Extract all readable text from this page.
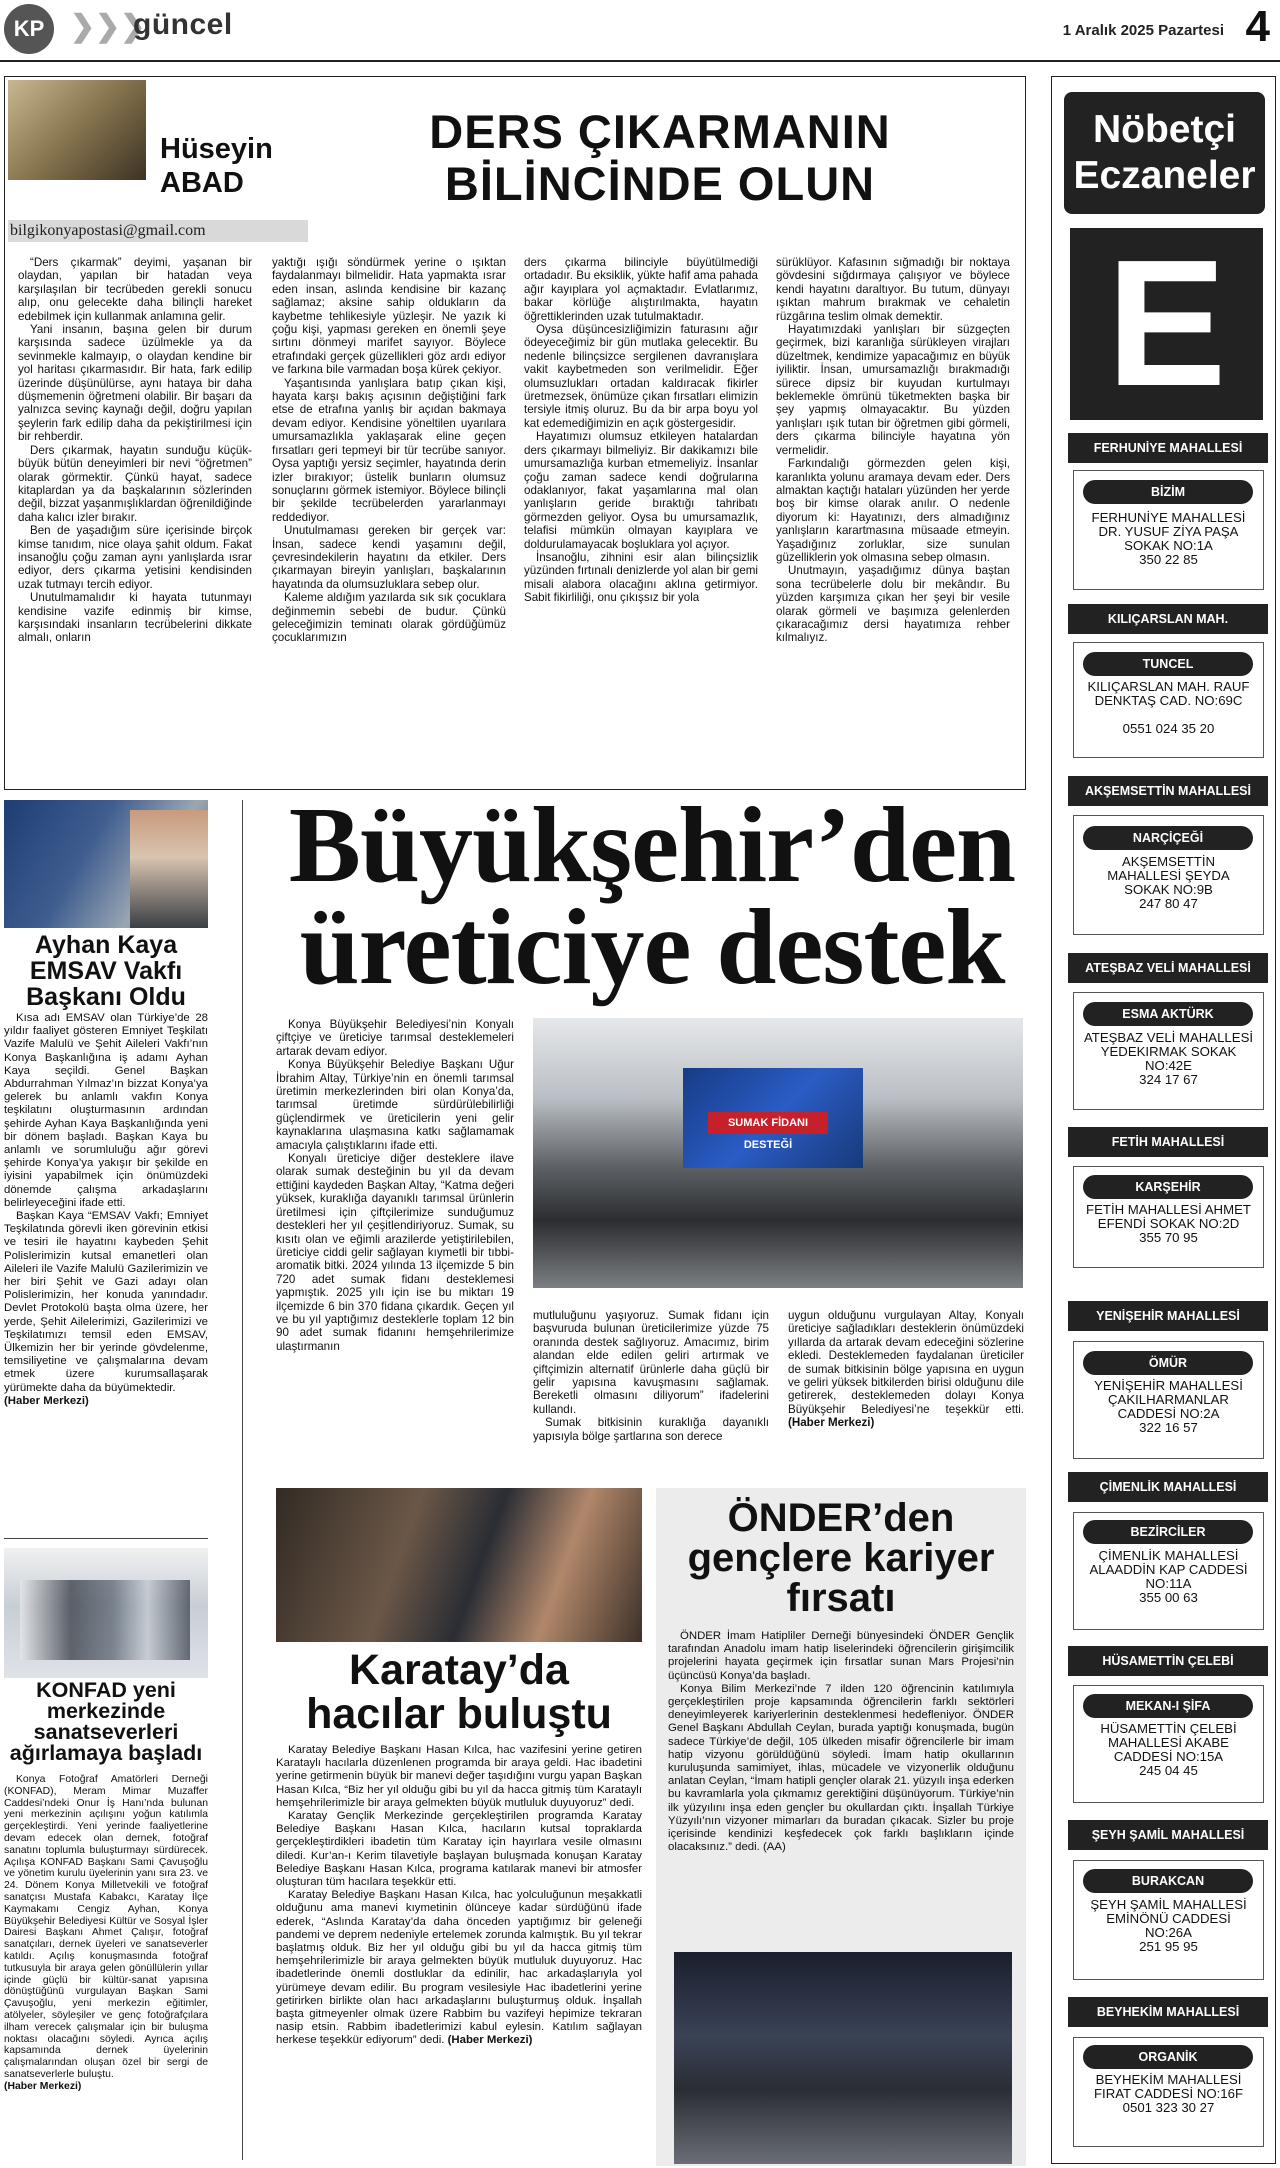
KP ❯❯❯
güncel	1 Aralık 2025 Pazartesi 4
Hüseyin
ABAD
bilgikonyapostasi@gmail.com
DERS ÇIKARMANIN
BİLİNCİNDE OLUN

“Ders çıkarmak” deyimi, yaşanan bir olaydan, yapılan bir hatadan veya karşılaşılan bir tecrübeden gerekli sonucu alıp, onu gelecekte daha bilinçli hareket edebilmek için kullanmak anlamına gelir.

Yani insanın, başına gelen bir durum karşısında sadece üzülmekle ya da sevinmekle kalmayıp, o olaydan kendine bir yol haritası çıkarmasıdır. Bir hata, fark edilip üzerinde düşünülürse, aynı hataya bir daha düşmemenin öğretmeni olabilir. Bir başarı da yalnızca sevinç kaynağı değil, doğru yapılan şeylerin fark edilip daha da pekiştirilmesi için bir rehberdir.

Ders çıkarmak, hayatın sunduğu küçük-büyük bütün deneyimleri bir nevi “öğretmen” olarak görmektir. Çünkü hayat, sadece kitaplardan ya da başkalarının sözlerinden değil, bizzat yaşanmışlıklardan öğrenildiğinde daha kalıcı izler bırakır.

Ben de yaşadığım süre içerisinde birçok kimse tanıdım, nice olaya şahit oldum. Fakat insanoğlu çoğu zaman aynı yanlışlarda ısrar ediyor, ders çıkarma yetisini kendisinden uzak tutmayı tercih ediyor.

Unutulmamalıdır ki hayata tutunmayı kendisine vazife edinmiş bir kimse, karşısındaki insanların tecrübelerini dikkate almalı, onların

yaktığı ışığı söndürmek yerine o ışıktan faydalanmayı bilmelidir. Hata yapmakta ısrar eden insan, aslında kendisine bir kazanç sağlamaz; aksine sahip oldukların da kaybetme tehlikesiyle yüzleşir. Ne yazık ki çoğu kişi, yapması gereken en önemli şeye sırtını dönmeyi marifet sayıyor. Böylece etrafındaki gerçek güzellikleri göz ardı ediyor ve farkına bile varmadan boşa kürek çekiyor.

Yaşantısında yanlışlara batıp çıkan kişi, hayata karşı bakış açısının değiştiğini fark etse de etrafına yanlış bir açıdan bakmaya devam ediyor. Kendisine yöneltilen uyarılara umursamazlıkla yaklaşarak eline geçen fırsatları geri tepmeyi bir tür tecrübe sanıyor. Oysa yaptığı yersiz seçimler, hayatında derin izler bırakıyor; üstelik bunların olumsuz sonuçlarını görmek istemiyor. Böylece bilinçli bir şekilde tecrübelerden yararlanmayı reddediyor.

Unutulmaması gereken bir gerçek var: İnsan, sadece kendi yaşamını değil, çevresindekilerin hayatını da etkiler. Ders çıkarmayan bireyin yanlışları, başkalarının hayatında da olumsuzluklara sebep olur.

Kaleme aldığım yazılarda sık sık çocuklara değinmemin sebebi de budur. Çünkü geleceğimizin teminatı olarak gördüğümüz çocuklarımızın

ders çıkarma bilinciyle büyütülmediği ortadadır. Bu eksiklik, yükte hafif ama pahada ağır kayıplara yol açmaktadır. Evlatlarımız, bakar körlüğe alıştırılmakta, hayatın öğrettiklerinden uzak tutulmaktadır.

Oysa düşüncesizliğimizin faturasını ağır ödeyeceğimiz bir gün mutlaka gelecektir. Bu nedenle bilinçsizce sergilenen davranışlara vakit kaybetmeden son verilmelidir. Eğer olumsuzlukları ortadan kaldıracak fikirler üretmezsek, önümüze çıkan fırsatları elimizin tersiyle itmiş oluruz. Bu da bir arpa boyu yol kat edemediğimizin en açık göstergesidir.

Hayatımızı olumsuz etkileyen hatalardan ders çıkarmayı bilmeliyiz. Bir dakikamızı bile umursamazlığa kurban etmemeliyiz. İnsanlar çoğu zaman sadece kendi doğrularına odaklanıyor, fakat yaşamlarına mal olan yanlışların geride bıraktığı tahribatı görmezden geliyor. Oysa bu umursamazlık, telafisi mümkün olmayan kayıplara ve doldurulamayacak boşluklara yol açıyor.

İnsanoğlu, zihnini esir alan bilinçsizlik yüzünden fırtınalı denizlerde yol alan bir gemi misali alabora olacağını aklına getirmiyor. Sabit fikirliliği, onu çıkışsız bir yola

sürüklüyor. Kafasının sığmadığı bir noktaya gövdesini sığdırmaya çalışıyor ve böylece kendi hayatını daraltıyor. Bu tutum, dünyayı ışıktan mahrum bırakmak ve cehaletin rüzgârına teslim olmak demektir.

Hayatımızdaki yanlışları bir süzgeçten geçirmek, bizi karanlığa sürükleyen virajları düzeltmek, kendimize yapacağımız en büyük iyiliktir. İnsan, umursamazlığı bırakmadığı sürece dipsiz bir kuyudan kurtulmayı beklemekle ömrünü tüketmekten başka bir şey yapmış olmayacaktır. Bu yüzden yanlışları ışık tutan bir öğretmen gibi görmeli, ders çıkarma bilinciyle hayatına yön vermelidir.

Farkındalığı görmezden gelen kişi, karanlıkta yolunu aramaya devam eder. Ders almaktan kaçtığı hataları yüzünden her yerde boş bir kimse olarak anılır. O nedenle diyorum ki: Hayatınızı, ders almadığınız yanlışların karartmasına müsaade etmeyin. Yaşadığınız zorluklar, size sunulan güzelliklerin yok olmasına sebep olmasın.

Unutmayın, yaşadığımız dünya baştan sona tecrübelerle dolu bir mekândır. Bu yüzden karşımıza çıkan her şeyi bir vesile olarak görmeli ve başımıza gelenlerden çıkaracağımız dersi hayatımıza rehber kılmalıyız.

Nöbetçi
Eczaneler
E
FERHUNİYE MAHALLESİ
BİZİM
FERHUNİYE MAHALLESİ
DR. YUSUF ZİYA PAŞA
SOKAK NO:1A
350 22 85
KILIÇARSLAN MAH.
TUNCEL
KILIÇARSLAN MAH. RAUF
DENKTAŞ CAD. NO:69C
0551 024 35 20
AKŞEMSETTİN MAHALLESİ
NARÇİÇEĞİ
AKŞEMSETTİN
MAHALLESİ ŞEYDA
SOKAK NO:9B
247 80 47
ATEŞBAZ VELİ MAHALLESİ
ESMA AKTÜRK
ATEŞBAZ VELİ MAHALLESİ
YEDEKIRMAK SOKAK
NO:42E
324 17 67
FETİH MAHALLESİ
KARŞEHİR
FETİH MAHALLESİ AHMET
EFENDİ SOKAK NO:2D
355 70 95
YENİŞEHİR MAHALLESİ
ÖMÜR
YENİŞEHİR MAHALLESİ
ÇAKILHARMANLAR
CADDESİ NO:2A
322 16 57
ÇİMENLİK MAHALLESİ
BEZİRCİLER
ÇİMENLİK MAHALLESİ
ALAADDİN KAP CADDESİ
NO:11A
355 00 63
HÜSAMETTİN ÇELEBİ
MEKAN-I ŞİFA
HÜSAMETTİN ÇELEBİ
MAHALLESİ AKABE
CADDESİ NO:15A
245 04 45
ŞEYH ŞAMİL MAHALLESİ
BURAKCAN
ŞEYH ŞAMİL MAHALLESİ
EMİNÖNÜ CADDESİ
NO:26A
251 95 95
BEYHEKİM MAHALLESİ
ORGANİK
BEYHEKİM MAHALLESİ
FIRAT CADDESİ NO:16F
0501 323 30 27
Ayhan Kaya EMSAV Vakfı Başkanı Oldu

Kısa adı EMSAV olan Türkiye’de 28 yıldır faaliyet gösteren Emniyet Teşkilatı Vazife Malulü ve Şehit Aileleri Vakfı’nın Konya Başkanlığına iş adamı Ayhan Kaya seçildi. Genel Başkan Abdurrahman Yılmaz’ın bizzat Konya’ya gelerek bu anlamlı vakfın Konya teşkilatını oluşturmasının ardından şehirde Ayhan Kaya Başkanlığında yeni bir dönem başladı. Başkan Kaya bu anlamlı ve sorumluluğu ağır görevi şehirde Konya’ya yakışır bir şekilde en iyisini yapabilmek için önümüzdeki dönemde çalışma arkadaşlarını belirleyeceğini ifade etti.

Başkan Kaya “EMSAV Vakfı; Emniyet Teşkilatında görevli iken görevinin etkisi ve tesiri ile hayatını kaybeden Şehit Polislerimizin kutsal emanetleri olan Aileleri ile Vazife Malulü Gazilerimizin ve her biri Şehit ve Gazi adayı olan Polislerimizin, her konuda yanındadır. Devlet Protokolü başta olma üzere, her yerde, Şehit Ailelerimizi, Gazilerimizi ve Teşkilatımızı temsil eden EMSAV, Ülkemizin her bir yerinde gövdelenme, temsiliyetine ve çalışmalarına devam etmek üzere kurumsallaşarak yürümekte daha da büyümektedir.

(Haber Merkezi)

KONFAD yeni merkezinde sanatseverleri ağırlamaya başladı

Konya Fotoğraf Amatörleri Derneği (KONFAD), Meram Mimar Muzaffer Caddesi’ndeki Onur İş Hanı’nda bulunan yeni merkezinin açılışını yoğun katılımla gerçekleştirdi. Yeni yerinde faaliyetlerine devam edecek olan dernek, fotoğraf sanatını toplumla buluşturmayı sürdürecek. Açılışa KONFAD Başkanı Sami Çavuşoğlu ve yönetim kurulu üyelerinin yanı sıra 23. ve 24. Dönem Konya Milletvekili ve fotoğraf sanatçısı Mustafa Kabakcı, Karatay İlçe Kaymakamı Cengiz Ayhan, Konya Büyükşehir Belediyesi Kültür ve Sosyal İşler Dairesi Başkanı Ahmet Çalışır, fotoğraf sanatçıları, dernek üyeleri ve sanatseverler katıldı. Açılış konuşmasında fotoğraf tutkusuyla bir araya gelen gönüllülerin yıllar içinde güçlü bir kültür-sanat yapısına dönüştüğünü vurgulayan Başkan Sami Çavuşoğlu, yeni merkezin eğitimler, atölyeler, söyleşiler ve genç fotoğrafçılara ilham verecek çalışmalar için bir buluşma noktası olacağını söyledi. Ayrıca açılış kapsamında dernek üyelerinin çalışmalarından oluşan özel bir sergi de sanatseverlerle buluştu.

(Haber Merkezi)

Büyükşehir’den
üreticiye destek

Konya Büyükşehir Belediyesi’nin Konyalı çiftçiye ve üreticiye tarımsal desteklemeleri artarak devam ediyor.

Konya Büyükşehir Belediye Başkanı Uğur İbrahim Altay, Türkiye’nin en önemli tarımsal üretimin merkezlerinden biri olan Konya’da, tarımsal üretimde sürdürülebilirliği güçlendirmek ve üreticilerin yeni gelir kaynaklarına ulaşmasına katkı sağlamamak amacıyla çalıştıklarını ifade etti.

Konyalı üreticiye diğer desteklere ilave olarak sumak desteğinin bu yıl da devam ettiğini kaydeden Başkan Altay, “Katma değeri yüksek, kuraklığa dayanıklı tarımsal ürünlerin üretilmesi için çiftçilerimize sunduğumuz destekleri her yıl çeşitlendiriyoruz. Sumak, su kısıtı olan ve eğimli arazilerde yetiştirilebilen, üreticiye ciddi gelir sağlayan kıymetli bir tıbbi-aromatik bitki. 2024 yılında 13 ilçemizde 5 bin 720 adet sumak fidanı desteklemesi yapmıştık. 2025 yılı için ise bu miktarı 19 ilçemizde 6 bin 370 fidana çıkardık. Geçen yıl ve bu yıl yaptığımız desteklerle toplam 12 bin 90 adet sumak fidanını hemşehrilerimize ulaştırmanın

SUMAK FİDANI DESTEĞİ

mutluluğunu yaşıyoruz. Sumak fidanı için başvuruda bulunan üreticilerimize yüzde 75 oranında destek sağlıyoruz. Amacımız, birim alandan elde edilen geliri artırmak ve çiftçimizin alternatif ürünlerle daha güçlü bir gelir yapısına kavuşmasını sağlamak. Bereketli olmasını diliyorum” ifadelerini kullandı.

Sumak bitkisinin kuraklığa dayanıklı yapısıyla bölge şartlarına son derece

uygun olduğunu vurgulayan Altay, Konyalı üreticiye sağladıkları desteklerin önümüzdeki yıllarda da artarak devam edeceğini sözlerine ekledi. Desteklemeden faydalanan üreticiler de sumak bitkisinin bölge yapısına en uygun ve geliri yüksek bitkilerden birisi olduğunu dile getirerek, desteklemeden dolayı Konya Büyükşehir Belediyesi’ne teşekkür etti. (Haber Merkezi)

Karatay’da hacılar buluştu

Karatay Belediye Başkanı Hasan Kılca, hac vazifesini yerine getiren Karataylı hacılarla düzenlenen programda bir araya geldi. Hac ibadetini yerine getirmenin büyük bir manevi değer taşıdığını vurgu yapan Başkan Hasan Kılca, “Biz her yıl olduğu gibi bu yıl da hacca gitmiş tüm Karataylı hemşehrilerimizle bir araya gelmekten büyük mutluluk duyuyoruz” dedi.

Karatay Gençlik Merkezinde gerçekleştirilen programda Karatay Belediye Başkanı Hasan Kılca, hacıların kutsal topraklarda gerçekleştirdikleri ibadetin tüm Karatay için hayırlara vesile olmasını diledi. Kur’an-ı Kerim tilavetiyle başlayan buluşmada konuşan Karatay Belediye Başkanı Hasan Kılca, programa katılarak manevi bir atmosfer oluşturan tüm hacılara teşekkür etti.

Karatay Belediye Başkanı Hasan Kılca, hac yolculuğunun meşakkatli olduğunu ama manevi kıymetinin ölünceye kadar sürdüğünü ifade ederek, “Aslında Karatay’da daha önceden yaptığımız bir geleneği pandemi ve deprem nedeniyle ertelemek zorunda kalmıştık. Bu yıl tekrar başlatmış olduk. Biz her yıl olduğu gibi bu yıl da hacca gitmiş tüm hemşehrilerimizle bir araya gelmekten büyük mutluluk duyuyoruz. Hac ibadetlerinde önemli dostluklar da edinilir, hac arkadaşlarıyla yol yürümeye devam edilir. Bu program vesilesiyle Hac ibadetlerini yerine getirirken birlikte olan hacı arkadaşlarını buluşturmuş olduk. İnşallah başta gitmeyenler olmak üzere Rabbim bu vazifeyi hepimize tekraran nasip etsin. Rabbim ibadetlerimizi kabul eylesin. Katılım sağlayan herkese teşekkür ediyorum” dedi. (Haber Merkezi)

ÖNDER’den gençlere kariyer fırsatı

ÖNDER İmam Hatipliler Derneği bünyesindeki ÖNDER Gençlik tarafından Anadolu imam hatip liselerindeki öğrencilerin girişimcilik projelerini hayata geçirmek için fırsatlar sunan Mars Projesi’nin üçüncüsü Konya’da başladı.

Konya Bilim Merkezi’nde 7 ilden 120 öğrencinin katılımıyla gerçekleştirilen proje kapsamında öğrencilerin farklı sektörleri deneyimleyerek kariyerlerinin desteklenmesi hedefleniyor. ÖNDER Genel Başkanı Abdullah Ceylan, burada yaptığı konuşmada, bugün sadece Türkiye’de değil, 105 ülkeden misafir öğrencilerle bir imam hatip vizyonu görüldüğünü söyledi. İmam hatip okullarının kuruluşunda samimiyet, ihlas, mücadele ve vizyonerlik olduğunu anlatan Ceylan, “İmam hatipli gençler olarak 21. yüzyılı inşa ederken bu kavramlarla yola çıkmamız gerektiğini düşünüyorum. Türkiye’nin ilk yüzyılını inşa eden gençler bu okullardan çıktı. İnşallah Türkiye Yüzyılı’nın vizyoner mimarları da buradan çıkacak. Sizler bu proje içerisinde kendinizi keşfedecek çok farklı başlıkların içinde olacaksınız.” dedi. (AA)
